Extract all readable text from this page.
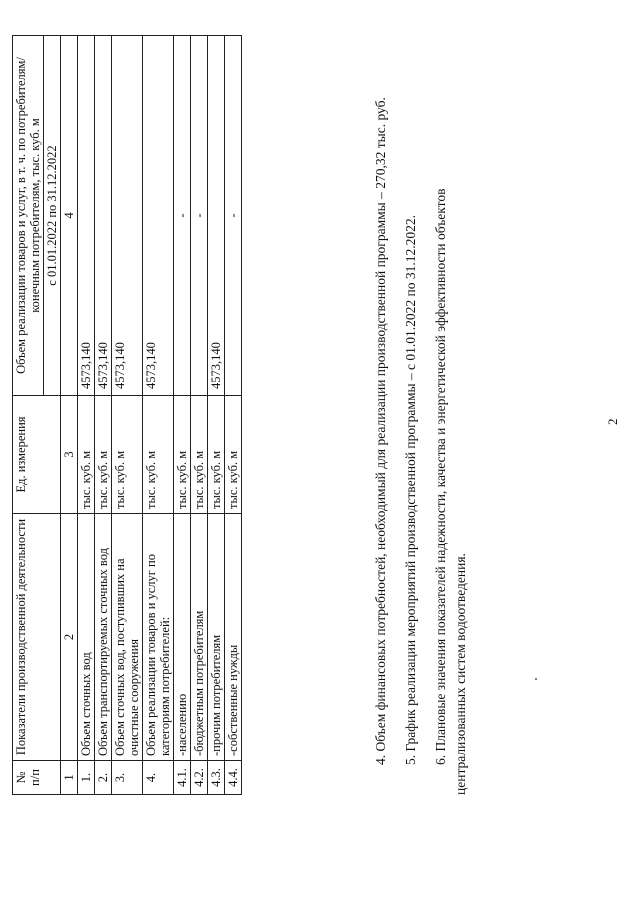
2
№ п/п	Показатели производственной деятельности	Ед. измерения	Объем реализации товаров и услуг, в т. ч. по потребителям/ конечным потребителям, тыс. куб. м
			с 01.01.2022 по 31.12.2022
1	2	3	4
1.	Объем сточных вод	тыс. куб. м	4573,140
2.	Объем транспортируемых сточных вод	тыс. куб. м	4573,140
3.	Объем сточных вод, поступивших на очистные сооружения	тыс. куб. м	4573,140
4.	Объем реализации товаров и услуг по категориям потребителей:	тыс. куб. м	4573,140
4.1.	-населению	тыс. куб. м	-
4.2.	-бюджетным потребителям	тыс. куб. м	-
4.3.	-прочим потребителям	тыс. куб. м	4573,140
4.4.	-собственные нужды	тыс. куб. м	-	4. Объем финансовых потребностей, необходимый для реализации производственной программы – 270,32 тыс. руб. 5. График реализации мероприятий производственной программы – с 01.01.2022 по 31.12.2022. 6. Плановые значения показателей надежности, качества и энергетической эффективности объектов централизованных систем водоотведения.
